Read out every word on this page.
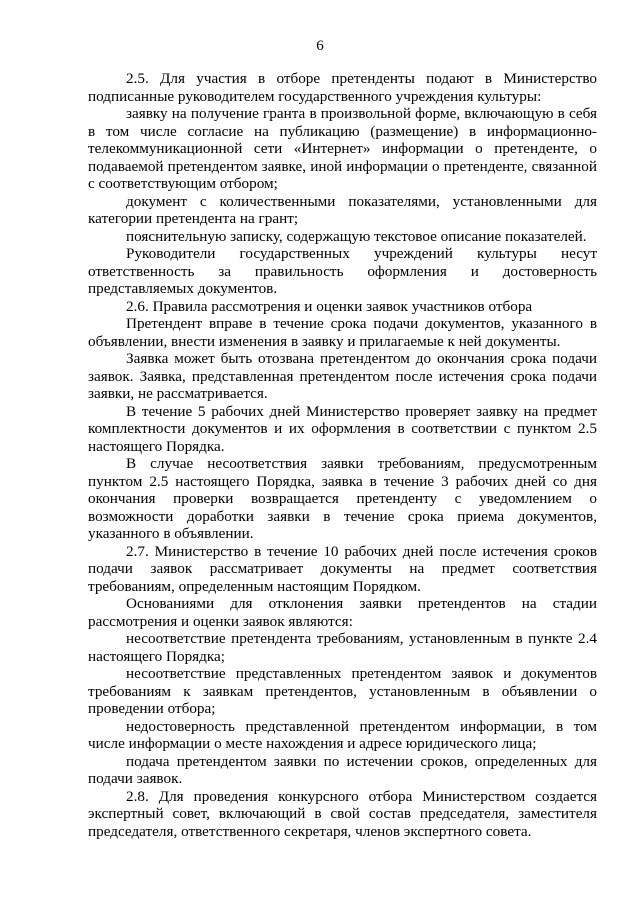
6

2.5. Для участия в отборе претенденты подают в Министерство подписанные руководителем государственного учреждения культуры:

заявку на получение гранта в произвольной форме, включающую в себя в том числе согласие на публикацию (размещение) в информационно-телекоммуникационной сети «Интернет» информации о претенденте, о подаваемой претендентом заявке, иной информации о претенденте, связанной с соответствующим отбором;

документ с количественными показателями, установленными для категории претендента на грант;

пояснительную записку, содержащую текстовое описание показателей.

Руководители государственных учреждений культуры несут ответственность за правильность оформления и достоверность представляемых документов.

2.6. Правила рассмотрения и оценки заявок участников отбора

Претендент вправе в течение срока подачи документов, указанного в объявлении, внести изменения в заявку и прилагаемые к ней документы.

Заявка может быть отозвана претендентом до окончания срока подачи заявок. Заявка, представленная претендентом после истечения срока подачи заявки, не рассматривается.

В течение 5 рабочих дней Министерство проверяет заявку на предмет комплектности документов и их оформления в соответствии с пунктом 2.5 настоящего Порядка.

В случае несоответствия заявки требованиям, предусмотренным пунктом 2.5 настоящего Порядка, заявка в течение 3 рабочих дней со дня окончания проверки возвращается претенденту с уведомлением о возможности доработки заявки в течение срока приема документов, указанного в объявлении.

2.7. Министерство в течение 10 рабочих дней после истечения сроков подачи заявок рассматривает документы на предмет соответствия требованиям, определенным настоящим Порядком.

Основаниями для отклонения заявки претендентов на стадии рассмотрения и оценки заявок являются:

несоответствие претендента требованиям, установленным в пункте 2.4 настоящего Порядка;

несоответствие представленных претендентом заявок и документов требованиям к заявкам претендентов, установленным в объявлении о проведении отбора;

недостоверность представленной претендентом информации, в том числе информации о месте нахождения и адресе юридического лица;

подача претендентом заявки по истечении сроков, определенных для подачи заявок.

2.8. Для проведения конкурсного отбора Министерством создается экспертный совет, включающий в свой состав председателя, заместителя председателя, ответственного секретаря, членов экспертного совета.
